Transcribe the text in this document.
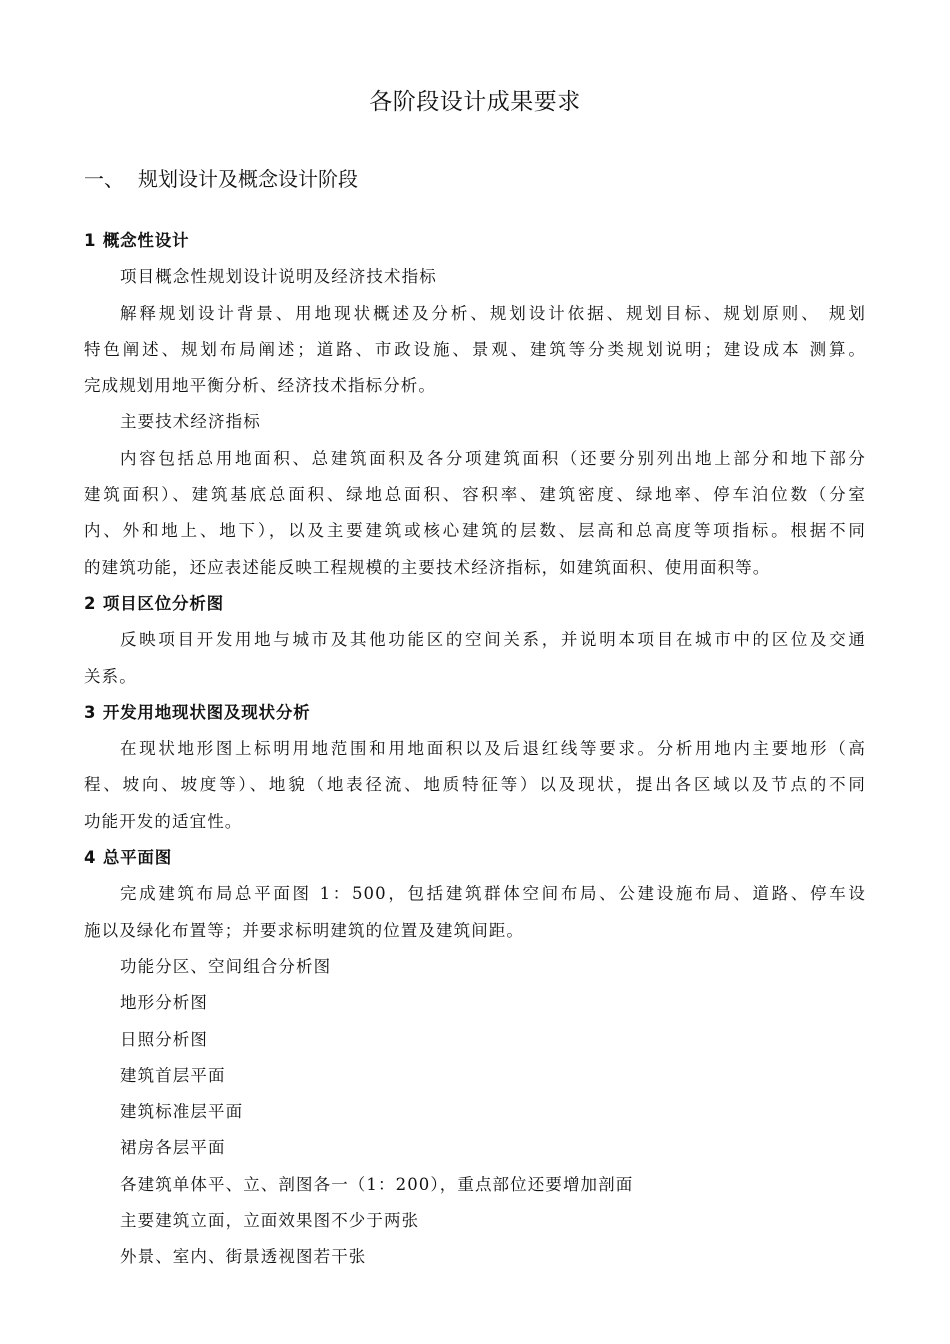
各阶段设计成果要求
一、 规划设计及概念设计阶段
1 概念性设计
项目概念性规划设计说明及经济技术指标
解释规划设计背景、用地现状概述及分析、规划设计依据、规划目标、规划原则、 规划
特色阐述、规划布局阐述；道路、市政设施、景观、建筑等分类规划说明；建设成本 测算。
完成规划用地平衡分析、经济技术指标分析。
主要技术经济指标
内容包括总用地面积、总建筑面积及各分项建筑面积（还要分别列出地上部分和地下部分
建筑面积）、建筑基底总面积、绿地总面积、容积率、建筑密度、绿地率、停车泊位数（分室
内、外和地上、地下），以及主要建筑或核心建筑的层数、层高和总高度等项指标。根据不同
的建筑功能，还应表述能反映工程规模的主要技术经济指标，如建筑面积、使用面积等。
2 项目区位分析图
反映项目开发用地与城市及其他功能区的空间关系，并说明本项目在城市中的区位及交通
关系。
3 开发用地现状图及现状分析
在现状地形图上标明用地范围和用地面积以及后退红线等要求。分析用地内主要地形（高
程、坡向、坡度等）、地貌（地表径流、地质特征等）以及现状，提出各区域以及节点的不同
功能开发的适宜性。
4 总平面图
完成建筑布局总平面图 1：500，包括建筑群体空间布局、公建设施布局、道路、停车设
施以及绿化布置等；并要求标明建筑的位置及建筑间距。
功能分区、空间组合分析图
地形分析图
日照分析图
建筑首层平面
建筑标准层平面
裙房各层平面
各建筑单体平、立、剖图各一（1：200），重点部位还要增加剖面
主要建筑立面，立面效果图不少于两张
外景、室内、街景透视图若干张
